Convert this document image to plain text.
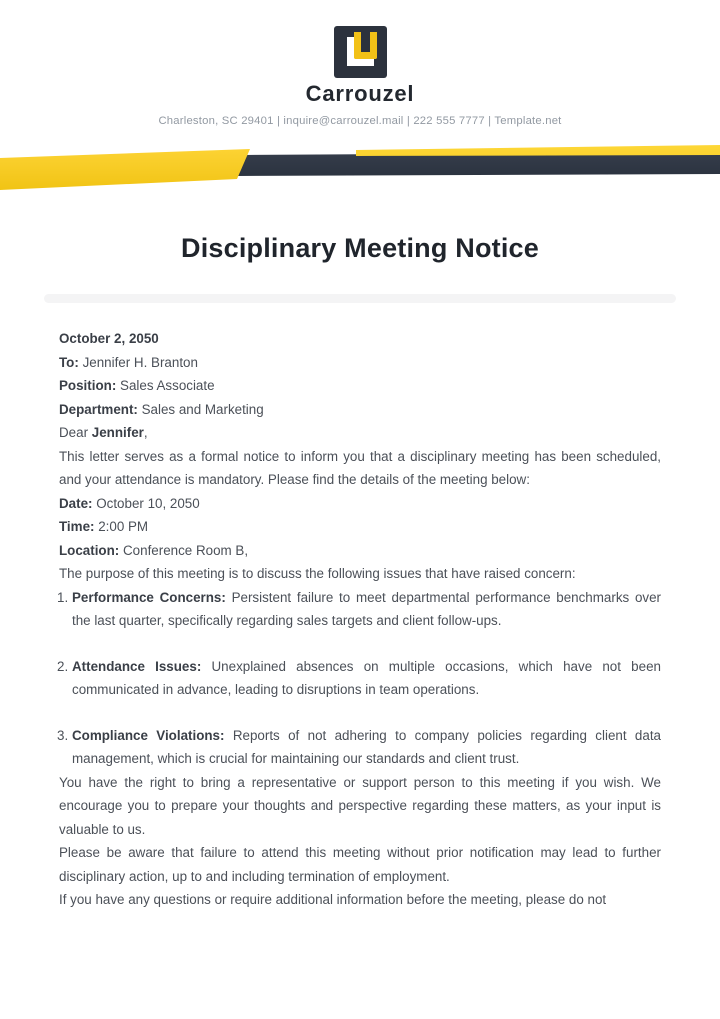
Carrouzel
Charleston, SC 29401 | inquire@carrouzel.mail | 222 555 7777 | Template.net
Disciplinary Meeting Notice

October 2, 2050

To: Jennifer H. Branton

Position: Sales Associate

Department: Sales and Marketing

Dear Jennifer,

This letter serves as a formal notice to inform you that a disciplinary meeting has been scheduled, and your attendance is mandatory. Please find the details of the meeting below:

Date: October 10, 2050

Time: 2:00 PM

Location: Conference Room B,

The purpose of this meeting is to discuss the following issues that have raised concern:

1. Performance Concerns: Persistent failure to meet departmental performance benchmarks over the last quarter, specifically regarding sales targets and client follow-ups.
2. Attendance Issues: Unexplained absences on multiple occasions, which have not been communicated in advance, leading to disruptions in team operations.
3. Compliance Violations: Reports of not adhering to company policies regarding client data management, which is crucial for maintaining our standards and client trust.

You have the right to bring a representative or support person to this meeting if you wish. We encourage you to prepare your thoughts and perspective regarding these matters, as your input is valuable to us.

Please be aware that failure to attend this meeting without prior notification may lead to further disciplinary action, up to and including termination of employment.

If you have any questions or require additional information before the meeting, please do not
